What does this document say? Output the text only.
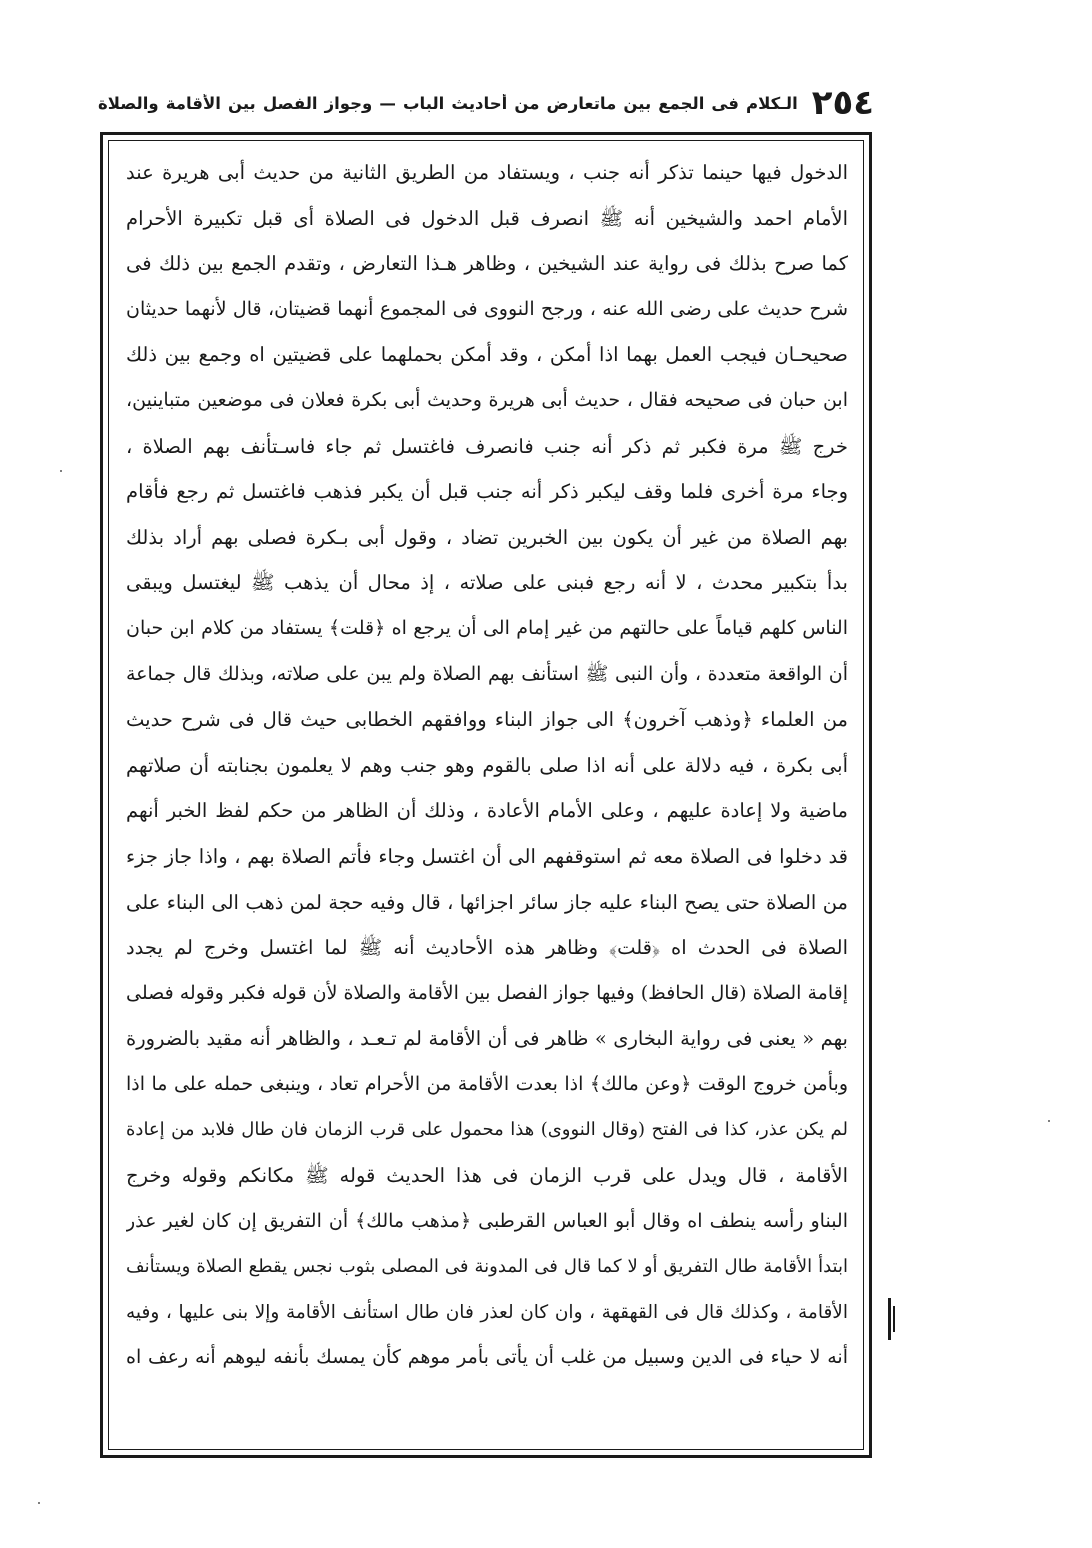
٢٥٤
الـكلام فى الجمع بين ماتعارض من أحاديث الباب — وجواز الفصل بين الأقامة والصلاة
الدخول فيها حينما تذكر أنه جنب ، ويستفاد من الطريق الثانية من حديث أبى هريرة عند
الأمام احمد والشيخين أنه ﷺ انصرف قبل الدخول فى الصلاة أى قبل تكبيرة الأحرام
كما صرح بذلك فى رواية عند الشيخين ، وظاهر هـذا التعارض ، وتقدم الجمع بين ذلك فى
شرح حديث على رضى الله عنه ، ورجح النووى فى المجموع أنهما قضيتان، قال لأنهما حديثان
صحيحـان فيجب العمل بهما اذا أمكن ، وقد أمكن بحملهما على قضيتين اه وجمع بين ذلك
ابن حبان فى صحيحه فقال ، حديث أبى هريرة وحديث أبى بكرة فعلان فى موضعين متباينين،
خرج ﷺ مرة فكبر ثم ذكر أنه جنب فانصرف فاغتسل ثم جاء فاسـتأنف بهم الصلاة ،
وجاء مرة أخرى فلما وقف ليكبر ذكر أنه جنب قبل أن يكبر فذهب فاغتسل ثم رجع فأقام
بهم الصلاة من غير أن يكون بين الخبرين تضاد ، وقول أبى بـكرة فصلى بهم أراد بذلك
بدأ بتكبير محدث ، لا أنه رجع فبنى على صلاته ، إذ محال أن يذهب ﷺ ليغتسل ويبقى
الناس كلهم قياماً على حالتهم من غير إمام الى أن يرجع اه ﴿قلت﴾ يستفاد من كلام ابن حبان
أن الواقعة متعددة ، وأن النبى ﷺ استأنف بهم الصلاة ولم يبن على صلاته، وبذلك قال جماعة
من العلماء ﴿وذهب آخرون﴾ الى جواز البناء ووافقهم الخطابى حيث قال فى شرح حديث
أبى بكرة ، فيه دلالة على أنه اذا صلى بالقوم وهو جنب وهم لا يعلمون بجنابته أن صلاتهم
ماضية ولا إعادة عليهم ، وعلى الأمام الأعادة ، وذلك أن الظاهر من حكم لفظ الخبر أنهم
قد دخلوا فى الصلاة معه ثم استوقفهم الى أن اغتسل وجاء فأتم الصلاة بهم ، واذا جاز جزء
من الصلاة حتى يصح البناء عليه جاز سائر اجزائها ، قال وفيه حجة لمن ذهب الى البناء على
الصلاة فى الحدث اه ﴿قلت﴾ وظاهر هذه الأحاديث أنه ﷺ لما اغتسل وخرج لم يجدد
إقامة الصلاة (قال الحافظ) وفيها جواز الفصل بين الأقامة والصلاة لأن قوله فكبر وقوله فصلى
بهم « يعنى فى رواية البخارى » ظاهر فى أن الأقامة لم تـعـد ، والظاهر أنه مقيد بالضرورة
وبأمن خروج الوقت ﴿وعن مالك﴾ اذا بعدت الأقامة من الأحرام تعاد ، وينبغى حمله على ما اذا
لم يكن عذر، كذا فى الفتح (وقال النووى) هذا محمول على قرب الزمان فان طال فلابد من إعادة
الأقامة ، قال ويدل على قرب الزمان فى هذا الحديث قوله ﷺ مكانكم وقوله وخرج
البناو رأسه ينطف اه وقال أبو العباس القرطبى ﴿مذهب مالك﴾ أن التفريق إن كان لغير عذر
ابتدأ الأقامة طال التفريق أو لا كما قال فى المدونة فى المصلى بثوب نجس يقطع الصلاة ويستأنف
الأقامة ، وكذلك قال فى القهقهة ، وان كان لعذر فان طال استأنف الأقامة وإلا بنى عليها ، وفيه
أنه لا حياء فى الدين وسبيل من غلب أن يأتى بأمر موهم كأن يمسك بأنفه ليوهم أنه رعف اه
